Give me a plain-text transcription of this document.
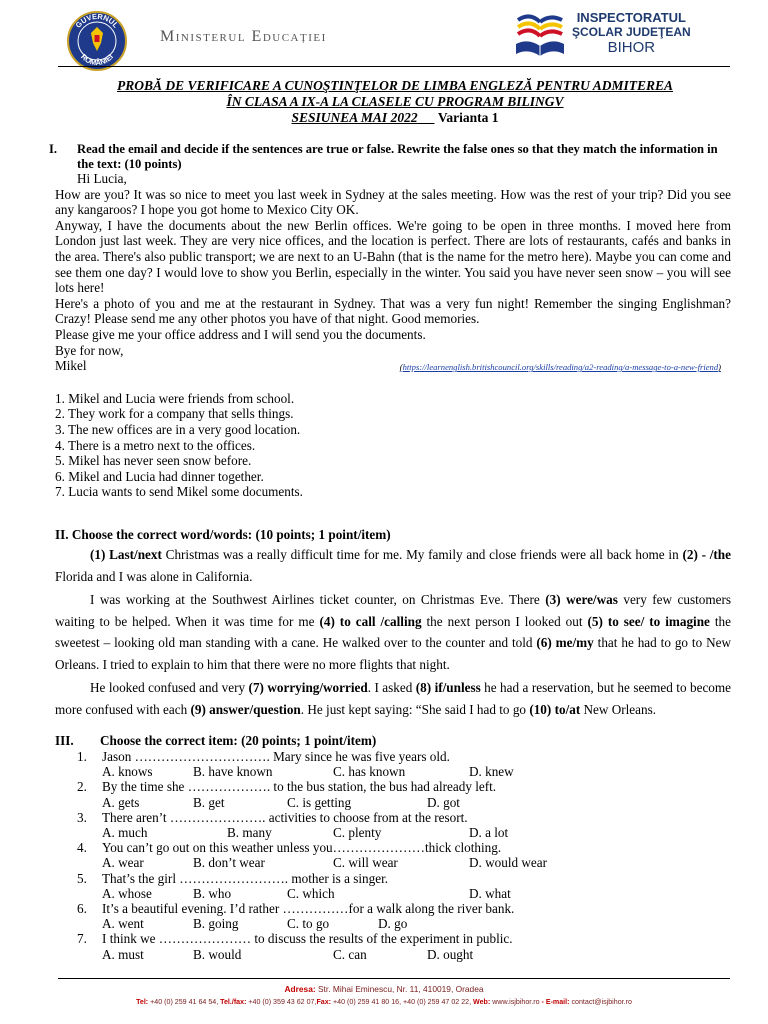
GUVERNUL
ROMÂNIEI
Ministerul Educației
INSPECTORATUL
ŞCOLAR JUDEŢEAN
BIHOR
PROBĂ DE VERIFICARE A CUNOŞTINŢELOR DE LIMBA ENGLEZĂ PENTRU ADMITEREA
ÎN CLASA A IX-A LA CLASELE CU PROGRAM BILINGV
SESIUNEA MAI 2022 Varianta 1
I. Read the email and decide if the sentences are true or false. Rewrite the false ones so that they match the information in the text: (10 points)

Hi Lucia,

How are you? It was so nice to meet you last week in Sydney at the sales meeting. How was the rest of your trip? Did you see any kangaroos? I hope you got home to Mexico City OK.

Anyway, I have the documents about the new Berlin offices. We're going to be open in three months. I moved here from London just last week. They are very nice offices, and the location is perfect. There are lots of restaurants, cafés and banks in the area. There's also public transport; we are next to an U-Bahn (that is the name for the metro here). Maybe you can come and see them one day? I would love to show you Berlin, especially in the winter. You said you have never seen snow – you will see lots here!

Here's a photo of you and me at the restaurant in Sydney. That was a very fun night! Remember the singing Englishman? Crazy! Please send me any other photos you have of that night. Good memories.

Please give me your office address and I will send you the documents.

Bye for now,

Mikel	(https://learnenglish.britishcouncil.org/skills/reading/a2-reading/a-message-to-a-new-friend)

1. Mikel and Lucia were friends from school.
2. They work for a company that sells things.
3. The new offices are in a very good location.
4. There is a metro next to the offices.
5. Mikel has never seen snow before.
6. Mikel and Lucia had dinner together.
7. Lucia wants to send Mikel some documents.
II. Choose the correct word/words: (10 points; 1 point/item)

(1) Last/next Christmas was a really difficult time for me. My family and close friends were all back home in (2) - /the Florida and I was alone in California.

I was working at the Southwest Airlines ticket counter, on Christmas Eve. There (3) were/was very few customers waiting to be helped. When it was time for me (4) to call /calling the next person I looked out (5) to see/ to imagine the sweetest – looking old man standing with a cane. He walked over to the counter and told (6) me/my that he had to go to New Orleans. I tried to explain to him that there were no more flights that night.

He looked confused and very (7) worrying/worried. I asked (8) if/unless he had a reservation, but he seemed to become more confused with each (9) answer/question. He just kept saying: “She said I had to go (10) to/at New Orleans.

III. Choose the correct item: (20 points; 1 point/item)
1. Jason …………………………. Mary since he was five years old.
A. knows	B. have known	C. has known	D. knew
2. By the time she ………………. to the bus station, the bus had already left.
A. gets	B. get	C. is getting	D. got
3. There aren’t …………………. activities to choose from at the resort.
A. much	B. many	C. plenty	D. a lot
4. You can’t go out on this weather unless you…………………thick clothing.
A. wear	B. don’t wear	C. will wear	D. would wear
5. That’s the girl ……………………. mother is a singer.
A. whose	B. who	C. which	D. what
6. It’s a beautiful evening. I’d rather ……………for a walk along the river bank.
A. went	B. going	C. to go	D. go
7. I think we ………………… to discuss the results of the experiment in public.
A. must	B. would	C. can	D. ought
Adresa: Str. Mihai Eminescu, Nr. 11, 410019, Oradea
Tel: +40 (0) 259 41 64 54, Tel./fax: +40 (0) 359 43 62 07,Fax: +40 (0) 259 41 80 16, +40 (0) 259 47 02 22, Web: www.isjbihor.ro - E-mail: contact@isjbihor.ro
